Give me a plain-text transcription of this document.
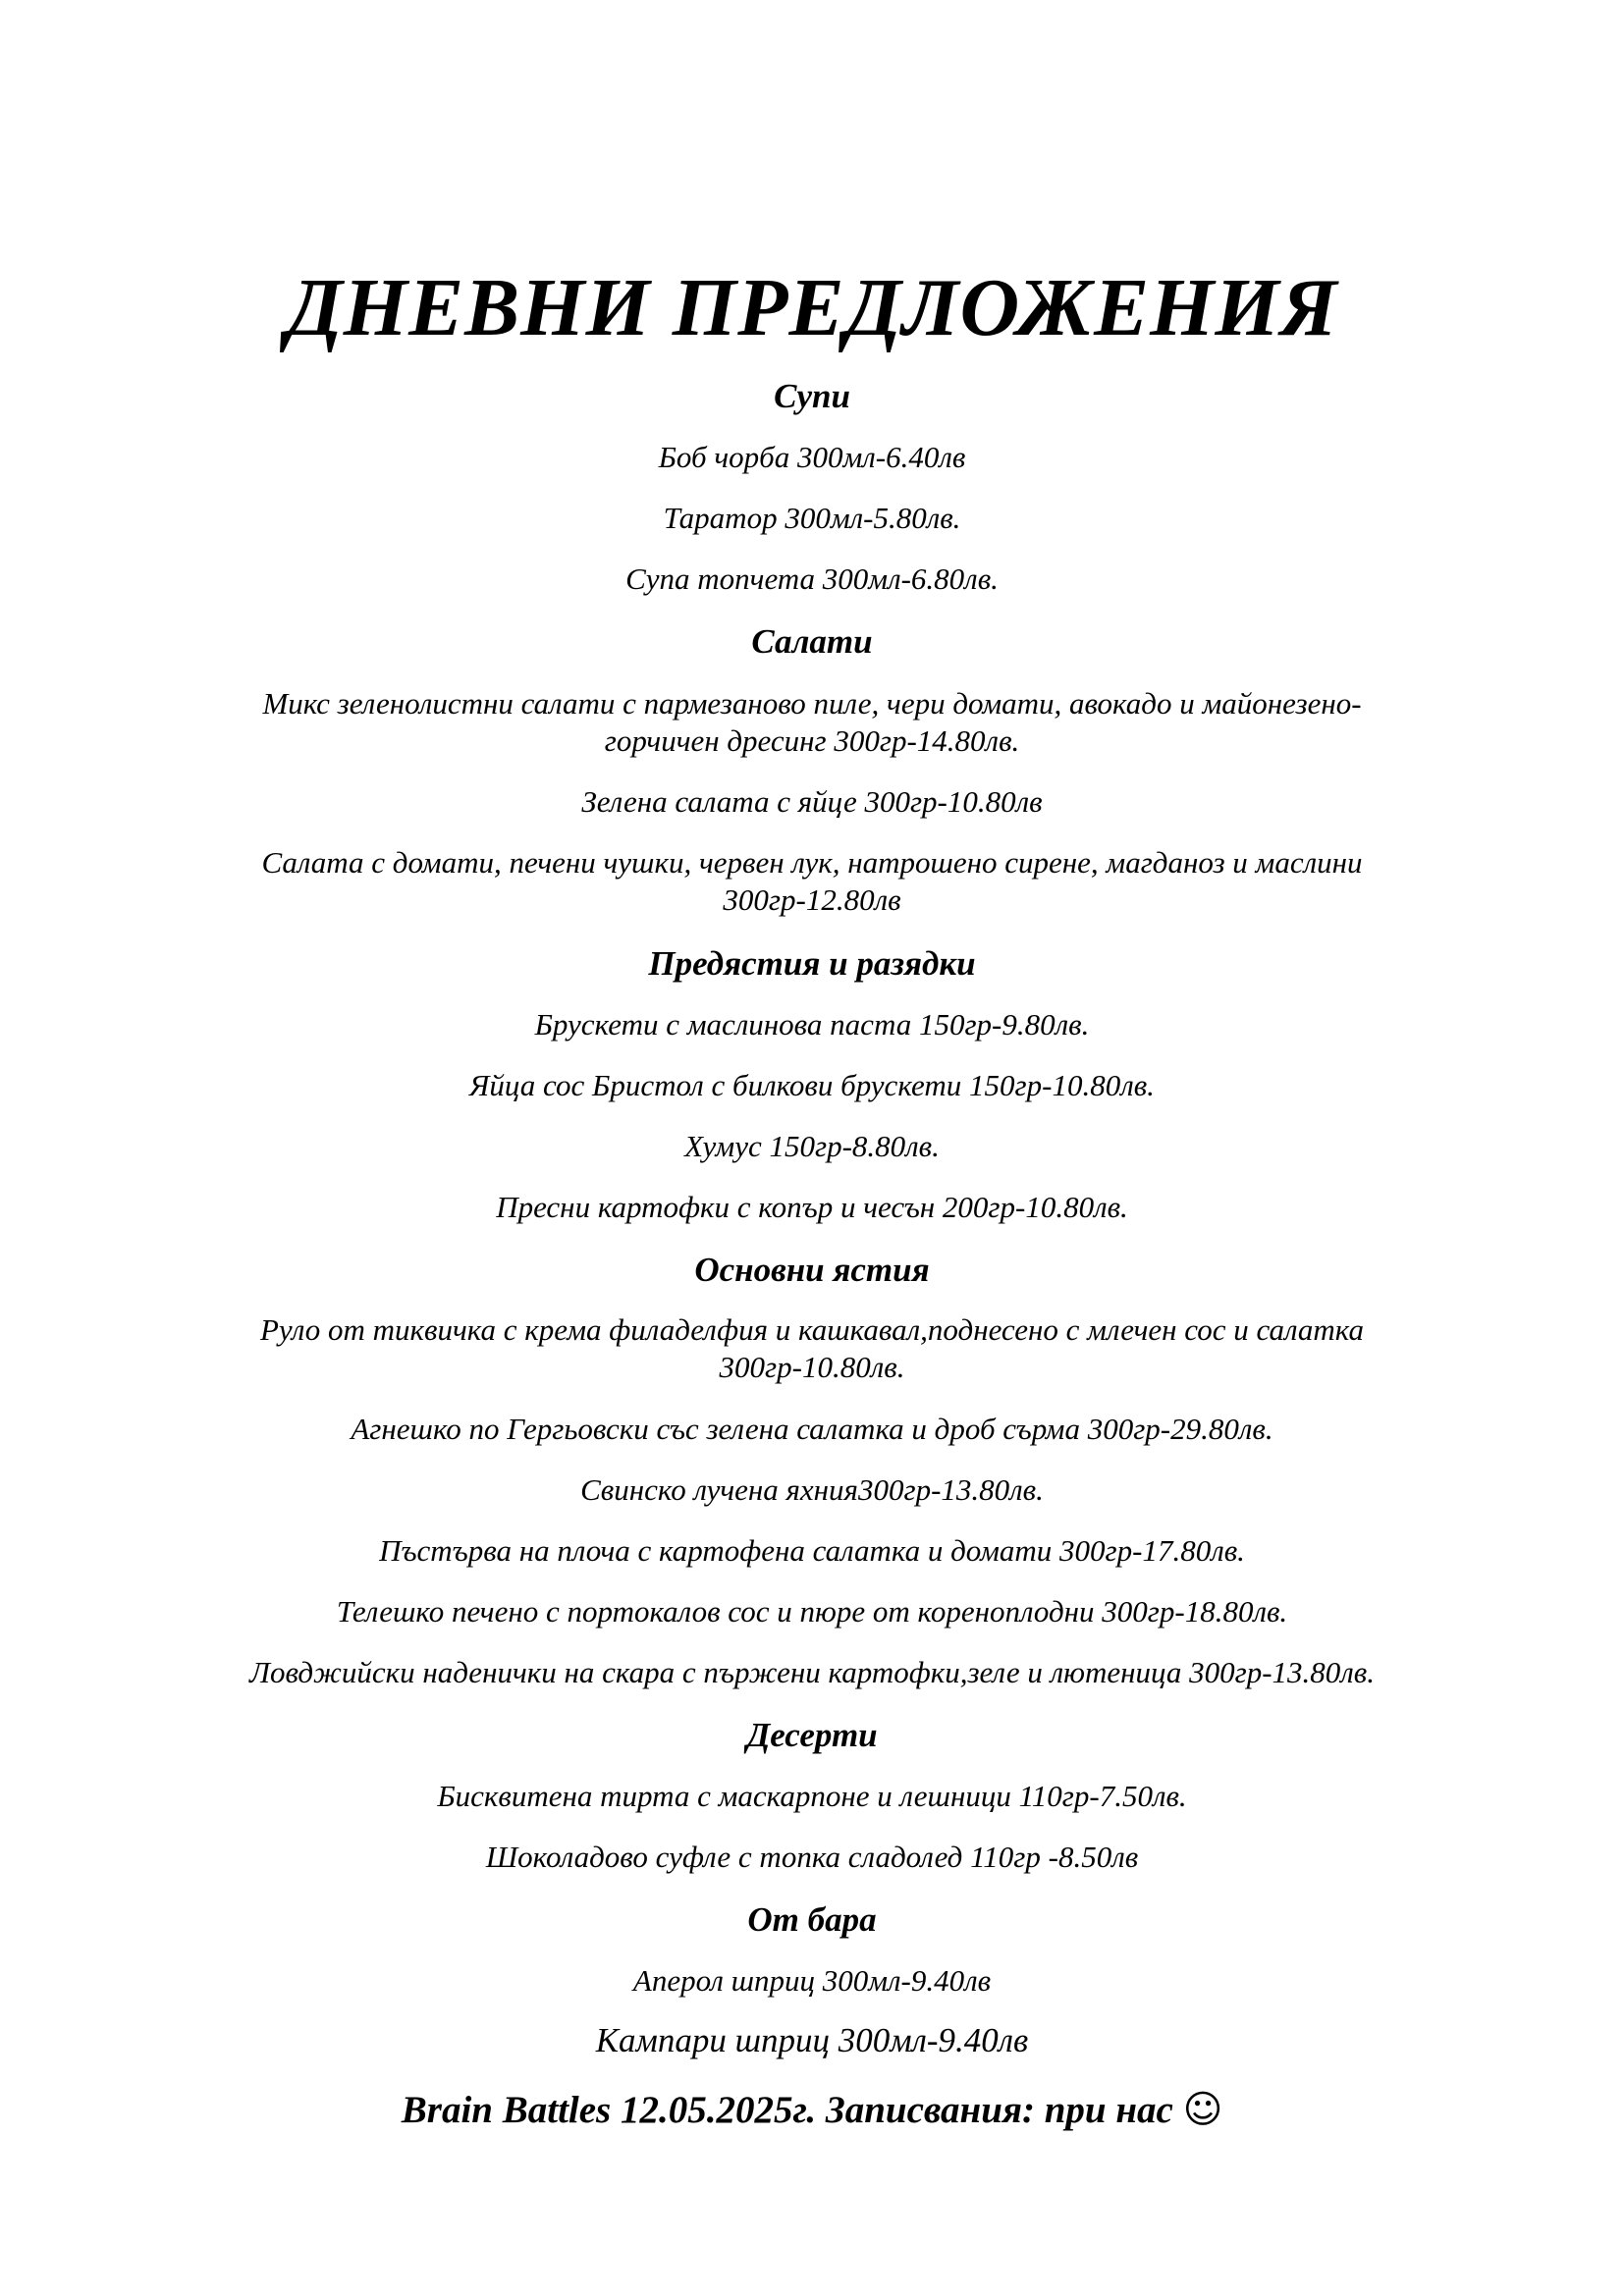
ДНЕВНИ ПРЕДЛОЖЕНИЯ
Супи
Боб чорба 300мл-6.40лв
Таратор 300мл-5.80лв.
Супа топчета 300мл-6.80лв.
Салати
Микс зеленолистни салати с пармезаново пиле, чери домати, авокадо и майонезено-
горчичен дресинг 300гр-14.80лв.
Зелена салата с яйце 300гр-10.80лв
Салата с домати, печени чушки, червен лук, натрошено сирене, магданоз и маслини
300гр-12.80лв
Предястия и разядки
Брускети с маслинова паста 150гр-9.80лв.
Яйца сос Бристол с билкови брускети 150гр-10.80лв.
Хумус 150гр-8.80лв.
Пресни картофки с копър и чесън 200гр-10.80лв.
Основни ястия
Руло от тиквичка с крема филаделфия и кашкавал,поднесено с млечен сос и салатка
300гр-10.80лв.
Агнешко по Гергьовски със зелена салатка и дроб сърма 300гр-29.80лв.
Свинско лучена яхния300гр-13.80лв.
Пъстърва на плоча с картофена салатка и домати 300гр-17.80лв.
Телешко печено с портокалов сос и пюре от кореноплодни 300гр-18.80лв.
Ловджийски наденички на скара с пържени картофки,зеле и лютеница 300гр-13.80лв.
Десерти
Бисквитена тирта с маскарпоне и лешници 110гр-7.50лв.
Шоколадово суфле с топка сладолед 110гр -8.50лв
От бара
Аперол шприц 300мл-9.40лв
Кампари шприц 300мл-9.40лв
Brain Battles 12.05.2025г. Записвания: при нас ☺
